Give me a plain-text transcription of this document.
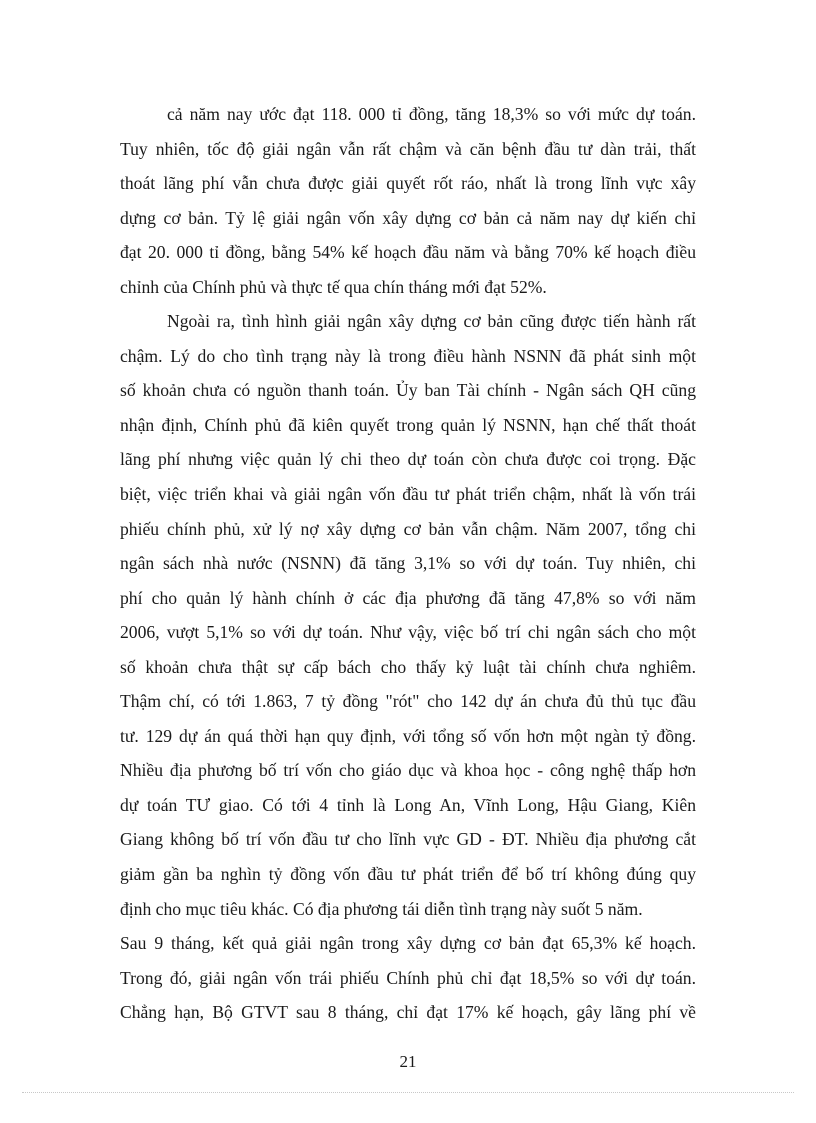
cả năm nay ước đạt 118. 000 tỉ đồng, tăng 18,3% so với mức dự toán.
Tuy nhiên, tốc độ giải ngân vẫn rất chậm và căn bệnh đầu tư dàn trải, thất
thoát lãng phí vẫn chưa được giải quyết rốt ráo, nhất là trong lĩnh vực xây
dựng cơ bản. Tỷ lệ giải ngân vốn xây dựng cơ bản cả năm nay dự kiến chỉ
đạt 20. 000 tỉ đồng, bằng 54% kế hoạch đầu năm và bằng 70% kế hoạch điều
chỉnh của Chính phủ và thực tế qua chín tháng mới đạt 52%.
Ngoài ra, tình hình giải ngân xây dựng cơ bản cũng được tiến hành rất
chậm. Lý do cho tình trạng này là trong điều hành NSNN đã phát sinh một
số khoản chưa có nguồn thanh toán. Ủy ban Tài chính - Ngân sách QH cũng
nhận định, Chính phủ đã kiên quyết trong quản lý NSNN, hạn chế thất thoát
lãng phí nhưng việc quản lý chi theo dự toán còn chưa được coi trọng. Đặc
biệt, việc triển khai và giải ngân vốn đầu tư phát triển chậm, nhất là vốn trái
phiếu chính phủ, xử lý nợ xây dựng cơ bản vẫn chậm. Năm 2007, tổng chi
ngân sách nhà nước (NSNN) đã tăng 3,1% so với dự toán. Tuy nhiên, chi
phí cho quản lý hành chính ở các địa phương đã tăng 47,8% so với năm
2006, vượt 5,1% so với dự toán. Như vậy, việc bố trí chi ngân sách cho một
số khoản chưa thật sự cấp bách cho thấy kỷ luật tài chính chưa nghiêm.
Thậm chí, có tới 1.863, 7 tỷ đồng "rót" cho 142 dự án chưa đủ thủ tục đầu
tư. 129 dự án quá thời hạn quy định, với tổng số vốn hơn một ngàn tỷ đồng.
Nhiều địa phương bố trí vốn cho giáo dục và khoa học - công nghệ thấp hơn
dự toán TƯ giao. Có tới 4 tỉnh là Long An, Vĩnh Long, Hậu Giang, Kiên
Giang không bố trí vốn đầu tư cho lĩnh vực GD - ĐT. Nhiều địa phương cắt
giảm gần ba nghìn tỷ đồng vốn đầu tư phát triển để bố trí không đúng quy
định cho mục tiêu khác. Có địa phương tái diễn tình trạng này suốt 5 năm.
Sau 9 tháng, kết quả giải ngân trong xây dựng cơ bản đạt 65,3% kế hoạch.
Trong đó, giải ngân vốn trái phiếu Chính phủ chỉ đạt 18,5% so với dự toán.
Chẳng hạn, Bộ GTVT sau 8 tháng, chỉ đạt 17% kế hoạch, gây lãng phí về
21
